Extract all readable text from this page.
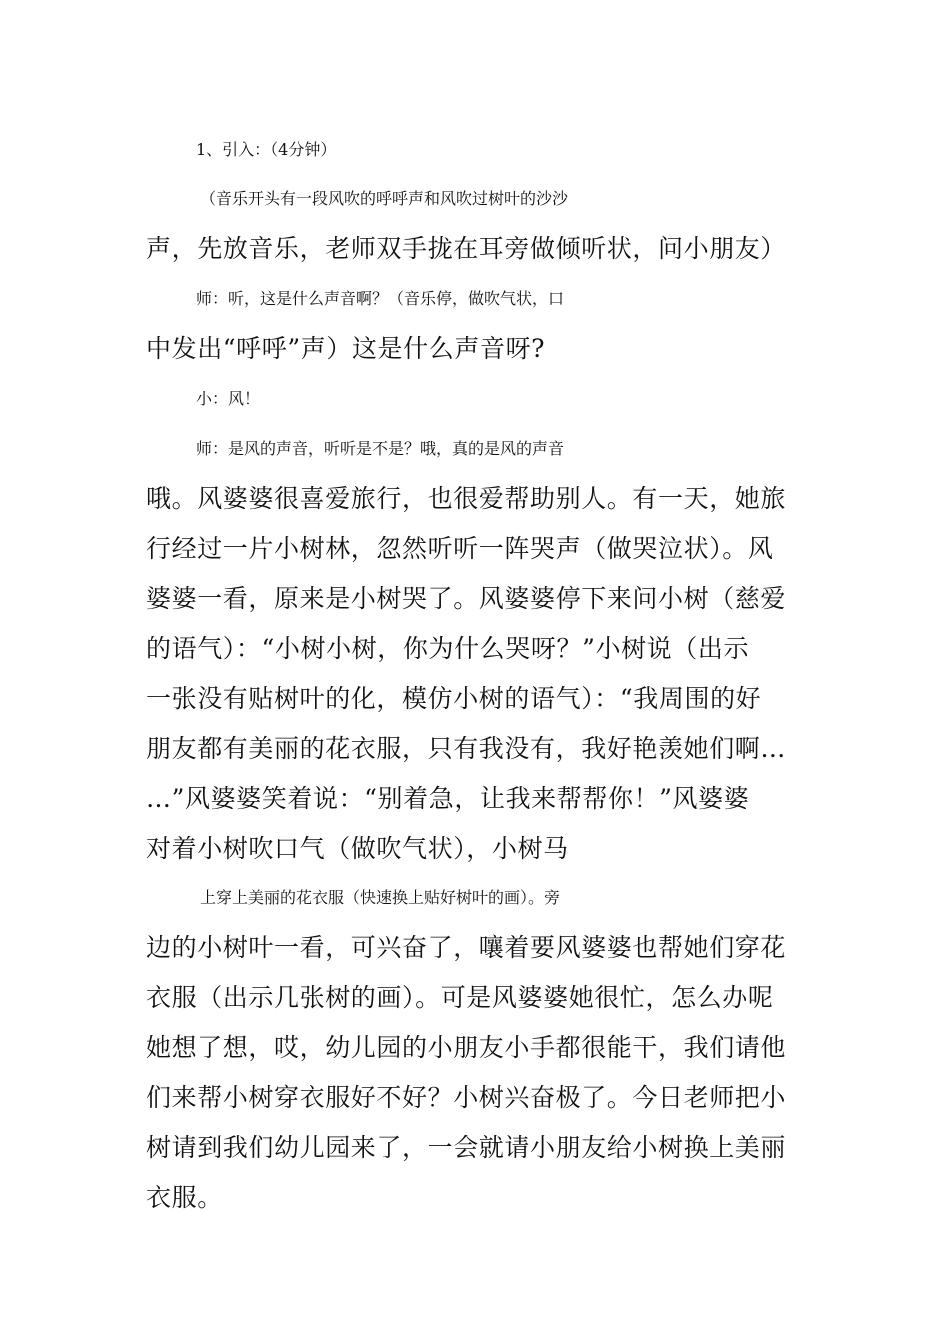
1、引入：（4分钟）
（音乐开头有一段风吹的呼呼声和风吹过树叶的沙沙
声，先放音乐，老师双手拢在耳旁做倾听状，问小朋友）
师：听，这是什么声音啊？（音乐停，做吹气状，口
中发出“呼呼”声）这是什么声音呀?
小：风！
师：是风的声音，听听是不是？哦，真的是风的声音
哦。风婆婆很喜爱旅行，也很爱帮助别人。有一天，她旅
行经过一片小树林，忽然听听一阵哭声（做哭泣状）。风
婆婆一看，原来是小树哭了。风婆婆停下来问小树（慈爱
的语气）：“小树小树，你为什么哭呀？”小树说（出示
一张没有贴树叶的化，模仿小树的语气）：“我周围的好
朋友都有美丽的花衣服，只有我没有，我好艳羡她们啊…
…”风婆婆笑着说：“别着急，让我来帮帮你！”风婆婆
对着小树吹口气（做吹气状），小树马
上穿上美丽的花衣服（快速换上贴好树叶的画）。旁
边的小树叶一看，可兴奋了，嚷着要风婆婆也帮她们穿花
衣服（出示几张树的画）。可是风婆婆她很忙，怎么办呢
她想了想，哎，幼儿园的小朋友小手都很能干，我们请他
们来帮小树穿衣服好不好？小树兴奋极了。今日老师把小
树请到我们幼儿园来了，一会就请小朋友给小树换上美丽
衣服。
